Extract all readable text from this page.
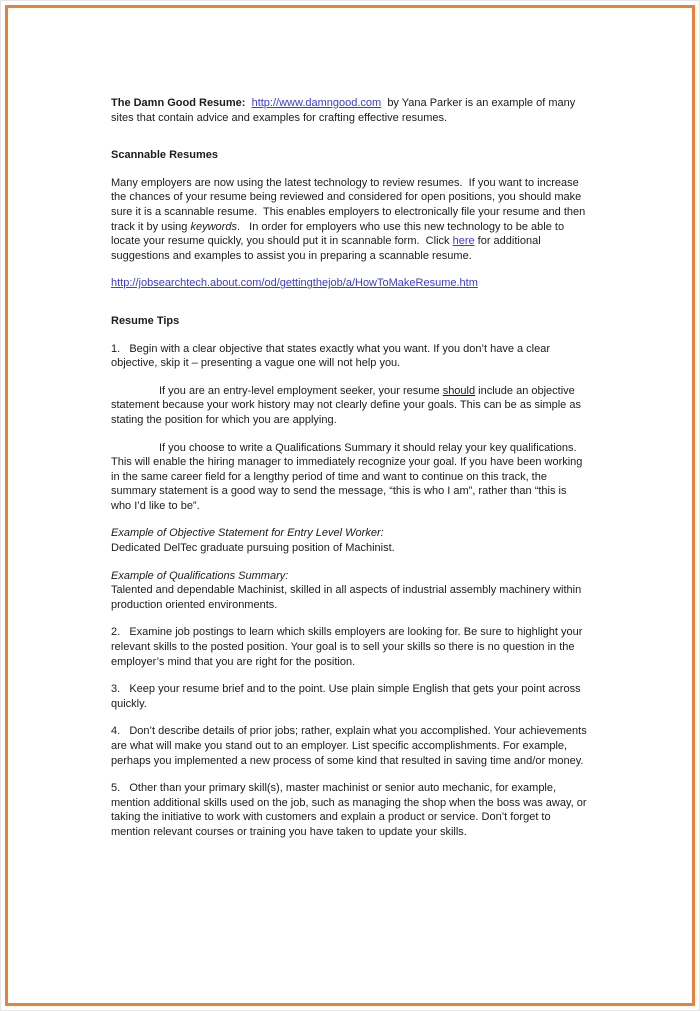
The Damn Good Resume:  http://www.damngood.com  by Yana Parker is an example of many sites that contain advice and examples for crafting effective resumes.

Scannable Resumes

Many employers are now using the latest technology to review resumes.  If you want to increase the chances of your resume being reviewed and considered for open positions, you should make sure it is a scannable resume.  This enables employers to electronically file your resume and then track it by using keywords.   In order for employers who use this new technology to be able to locate your resume quickly, you should put it in scannable form.  Click here for additional suggestions and examples to assist you in preparing a scannable resume.

http://jobsearchtech.about.com/od/gettingthejob/a/HowToMakeResume.htm

Resume Tips

1.   Begin with a clear objective that states exactly what you want. If you don’t have a clear objective, skip it – presenting a vague one will not help you.

If you are an entry-level employment seeker, your resume should include an objective statement because your work history may not clearly define your goals. This can be as simple as stating the position for which you are applying.

If you choose to write a Qualifications Summary it should relay your key qualifications. This will enable the hiring manager to immediately recognize your goal. If you have been working in the same career field for a lengthy period of time and want to continue on this track, the summary statement is a good way to send the message, “this is who I am”, rather than “this is who I’d like to be”.

Example of Objective Statement for Entry Level Worker:

Dedicated DelTec graduate pursuing position of Machinist.

Example of Qualifications Summary:

Talented and dependable Machinist, skilled in all aspects of industrial assembly machinery within production oriented environments.

2.   Examine job postings to learn which skills employers are looking for. Be sure to highlight your relevant skills to the posted position. Your goal is to sell your skills so there is no question in the employer’s mind that you are right for the position.

3.   Keep your resume brief and to the point. Use plain simple English that gets your point across quickly.

4.   Don’t describe details of prior jobs; rather, explain what you accomplished. Your achievements are what will make you stand out to an employer. List specific accomplishments. For example, perhaps you implemented a new process of some kind that resulted in saving time and/or money.

5.   Other than your primary skill(s), master machinist or senior auto mechanic, for example, mention additional skills used on the job, such as managing the shop when the boss was away, or taking the initiative to work with customers and explain a product or service. Don’t forget to mention relevant courses or training you have taken to update your skills.
